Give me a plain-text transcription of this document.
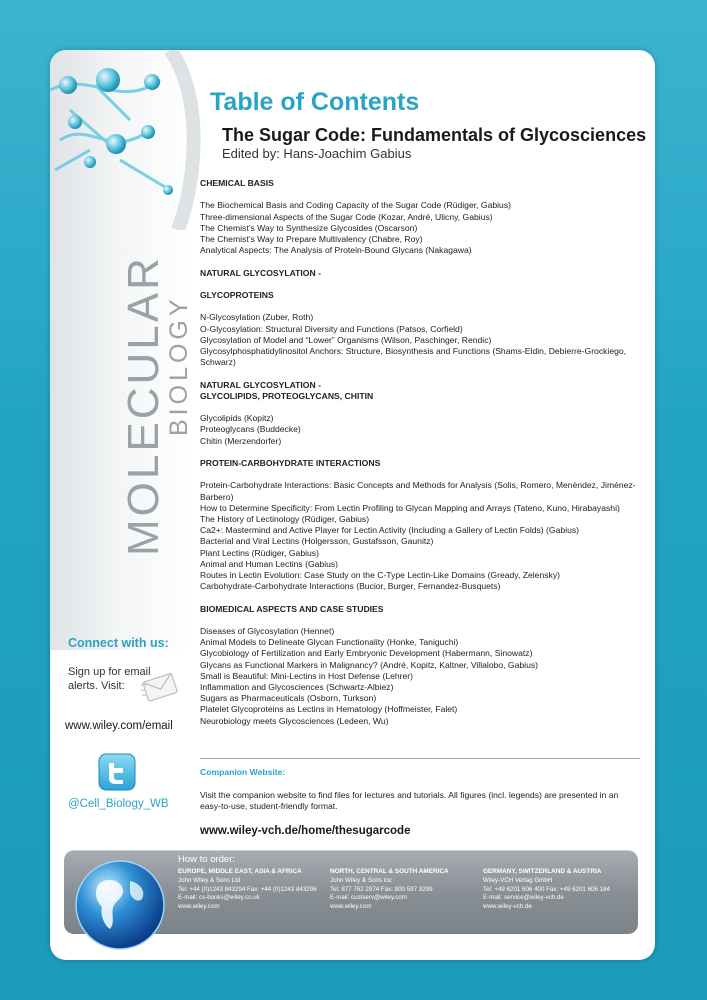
MOLECULAR
BIOLOGY
Table of Contents
The Sugar Code: Fundamentals of Glycosciences

Edited by: Hans-Joachim Gabius

CHEMICAL BASIS
The Biochemical Basis and Coding Capacity of the Sugar Code (Rüdiger, Gabius)
Three-dimensional Aspects of the Sugar Code (Kozar, André, Ulicny, Gabius)
The Chemist’s Way to Synthesize Glycosides (Oscarson)
The Chemist’s Way to Prepare Multivalency (Chabre, Roy)
Analytical Aspects: The Analysis of Protein-Bound Glycans (Nakagawa)
NATURAL GLYCOSYLATION -
GLYCOPROTEINS
N-Glycosylation (Zuber, Roth)
O-Glycosylation: Structural Diversity and Functions (Patsos, Corfield)
Glycosylation of Model and “Lower” Organisms (Wilson, Paschinger, Rendic)
Glycosylphosphatidylinositol Anchors: Structure, Biosynthesis and Functions (Shams-Eldin, Debierre-Grockiego, Schwarz)
NATURAL GLYCOSYLATION -
GLYCOLIPIDS, PROTEOGLYCANS, CHITIN
Glycolipids (Kopitz)
Proteoglycans (Buddecke)
Chitin (Merzendorfer)
PROTEIN-CARBOHYDRATE INTERACTIONS
Protein-Carbohydrate Interactions: Basic Concepts and Methods for Analysis (Solis, Romero, Menèndez, Jimènez-Barbero)
How to Determine Specificity: From Lectin Profiling to Glycan Mapping and Arrays (Tateno, Kuno, Hirabayashi)
The History of Lectinology (Rüdiger, Gabius)
Ca2+: Mastermind and Active Player for Lectin Activity (Including a Gallery of Lectin Folds) (Gabius)
Bacterial and Viral Lectins (Holgersson, Gustafsson, Gaunitz)
Plant Lectins (Rüdiger, Gabius)
Animal and Human Lectins (Gabius)
Routes in Lectin Evolution: Case Study on the C-Type Lectin-Like Domains (Gready, Zelensky)
Carbohydrate-Carbohydrate Interactions (Bucior, Burger, Fernandez-Busquets)
BIOMEDICAL ASPECTS AND CASE STUDIES
Diseases of Glycosylation (Hennet)
Animal Models to Delineate Glycan Functionality (Honke, Taniguchi)
Glycobiology of Fertilization and Early Embryonic Development (Habermann, Sinowatz)
Glycans as Functional Markers in Malignancy? (André, Kopitz, Kaltner, Villalobo, Gabius)
Small is Beautiful: Mini-Lectins in Host Defense (Lehrer)
Inflammation and Glycosciences (Schwartz-Albiez)
Sugars as Pharmaceuticals (Osborn, Turkson)
Platelet Glycoproteins as Lectins in Hematology (Hoffmeister, Falet)
Neurobiology meets Glycosciences (Ledeen, Wu)
Companion Website:
Visit the companion website to find files for lectures and tutorials. All figures (incl. legends) are presented in an easy-to-use, student-friendly format.
www.wiley-vch.de/home/thesugarcode
Connect with us:
Sign up for email alerts. Visit:
www.wiley.com/email
@Cell_Biology_WB
How to order:
EUROPE, MIDDLE EAST, ASIA & AFRICA
John Wiley & Sons Ltd
Tel: +44 (0)1243 843294 Fax: +44 (0)1243 843296
E-mail: cs-books@wiley.co.uk
www.wiley.com
NORTH, CENTRAL & SOUTH AMERICA
John Wiley & Sons Inc
Tel: 877 762 2974 Fax: 800 597 3299
E-mail: custserv@wiley.com
www.wiley.com
GERMANY, SWITZERLAND & AUSTRIA
Wiley-VCH Verlag GmbH
Tel: +49 6201 606 400 Fax: +49 6201 606 184
E-mail: service@wiley-vch.de
www.wiley-vch.de
